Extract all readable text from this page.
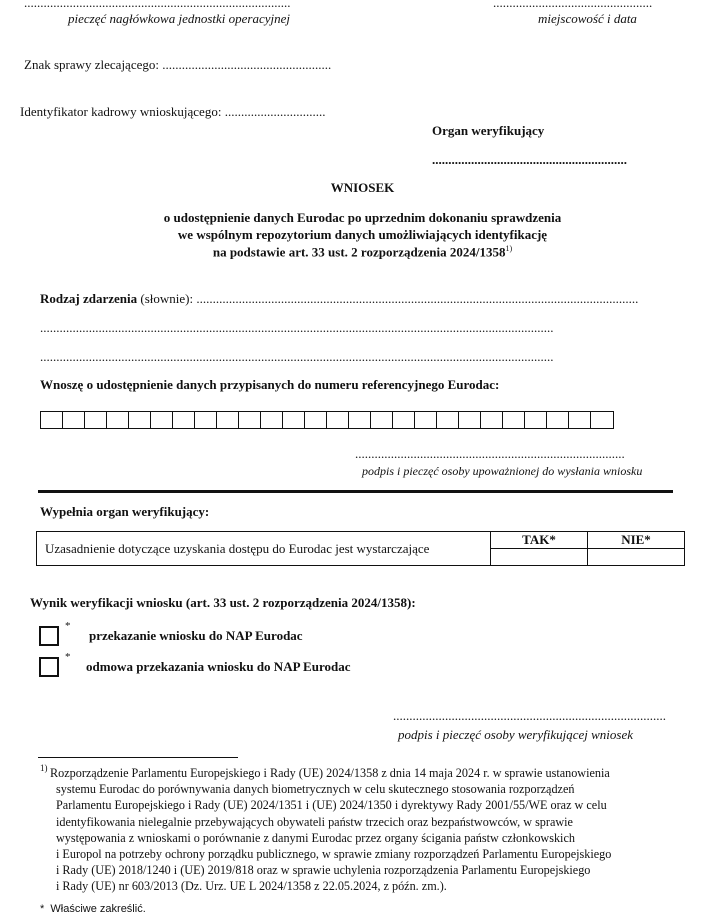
..................................................................................
pieczęć nagłówkowa jednostki operacyjnej
.................................................
miejscowość i data
Znak sprawy zlecającego: ....................................................
Identyfikator kadrowy wnioskującego: ...............................
Organ weryfikujący
............................................................
WNIOSEK
o udostępnienie danych Eurodac po uprzednim dokonaniu sprawdzenia
we wspólnym repozytorium danych umożliwiających identyfikację
na podstawie art. 33 ust. 2 rozporządzenia 2024/1358$^{1)}$
Rodzaj zdarzenia (słownie): ........................................................................................................................................
..............................................................................................................................................................
..............................................................................................................................................................
Wnoszę o udostępnienie danych przypisanych do numeru referencyjnego Eurodac:
...................................................................................
podpis i pieczęć osoby upoważnionej do wysłania wniosku
Wypełnia organ weryfikujący:
Uzasadnienie dotyczące uzyskania dostępu do Eurodac jest wystarczające	TAK*	NIE*

Wynik weryfikacji wniosku (art. 33 ust. 2 rozporządzenia 2024/1358):
*
przekazanie wniosku do NAP Eurodac
*
odmowa przekazania wniosku do NAP Eurodac
....................................................................................
podpis i pieczęć osoby weryfikującej wniosek
1) Rozporządzenie Parlamentu Europejskiego i Rady (UE) 2024/1358 z dnia 14 maja 2024 r. w sprawie ustanowienia
systemu Eurodac do porównywania danych biometrycznych w celu skutecznego stosowania rozporządzeń
Parlamentu Europejskiego i Rady (UE) 2024/1351 i (UE) 2024/1350 i dyrektywy Rady 2001/55/WE oraz w celu
identyfikowania nielegalnie przebywających obywateli państw trzecich oraz bezpaństwowców, w sprawie
występowania z wnioskami o porównanie z danymi Eurodac przez organy ścigania państw członkowskich
i Europol na potrzeby ochrony porządku publicznego, w sprawie zmiany rozporządzeń Parlamentu Europejskiego
i Rady (UE) 2018/1240 i (UE) 2019/818 oraz w sprawie uchylenia rozporządzenia Parlamentu Europejskiego
i Rady (UE) nr 603/2013 (Dz. Urz. UE L 2024/1358 z 22.05.2024, z późn. zm.).
* Właściwe zakreślić.
